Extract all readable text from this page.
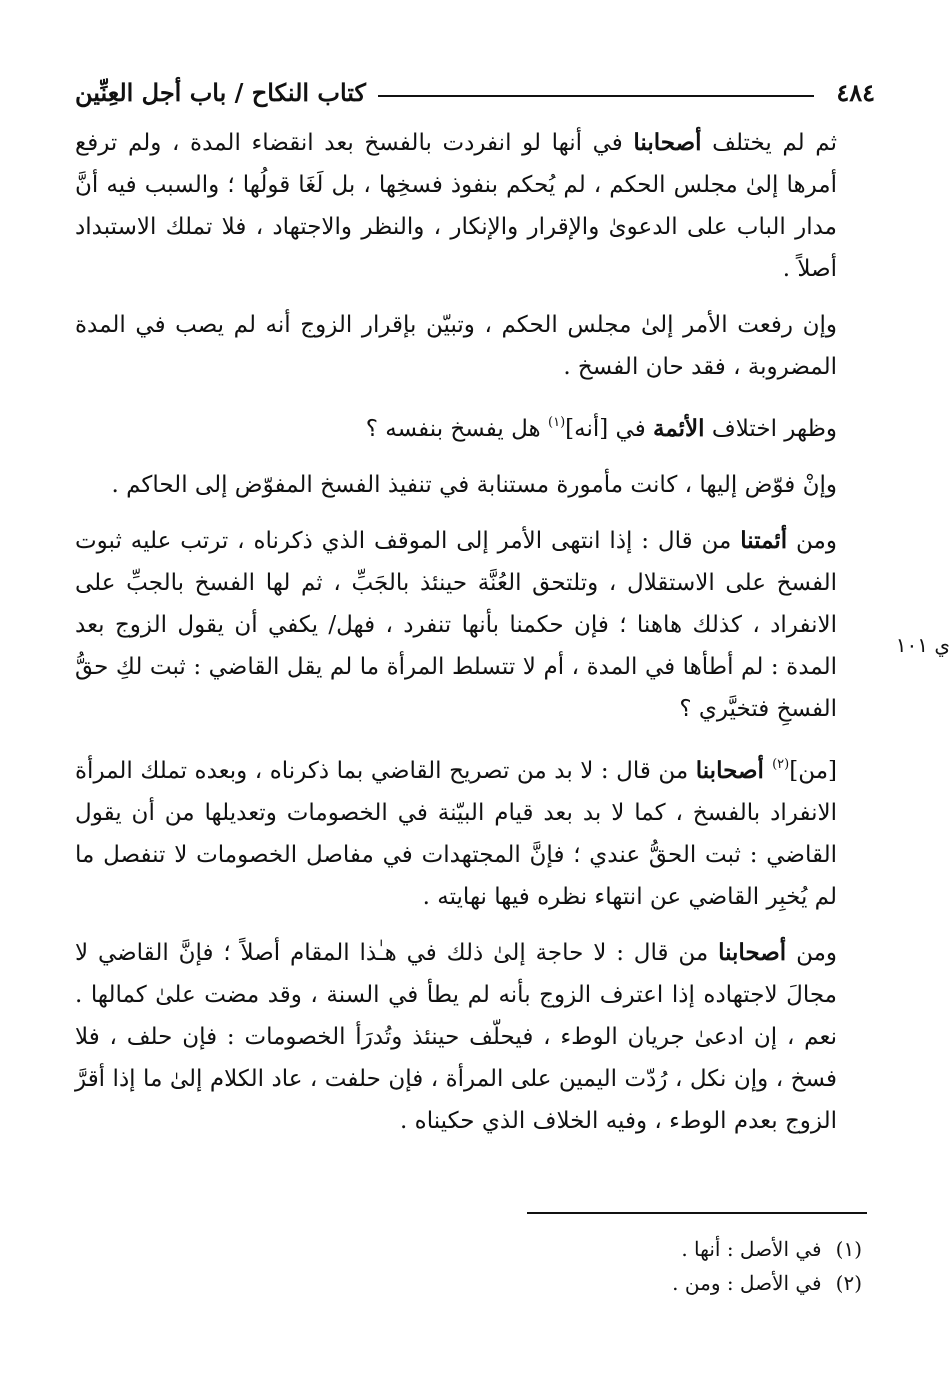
٤٨٤
كتاب النكاح / باب أجل العِنِّين
ي ١٠١

ثم لم يختلف أصحابنا في أنها لو انفردت بالفسخ بعد انقضاء المدة ، ولم ترفع أمرها إلىٰ مجلس الحكم ، لم يُحكم بنفوذ فسخِها ، بل لَغَا قولُها ؛ والسبب فيه أنَّ مدار الباب على الدعوىٰ والإقرار والإنكار ، والنظر والاجتهاد ، فلا تملك الاستبداد أصلاً .

وإن رفعت الأمر إلىٰ مجلس الحكم ، وتبيّن بإقرار الزوج أنه لم يصب في المدة المضروبة ، فقد حان الفسخ .

وظهر اختلاف الأئمة في [أنه]$^{(١)}$ هل يفسخ بنفسه ؟

وإنْ فوّض إليها ، كانت مأمورة مستنابة في تنفيذ الفسخ المفوّض إلى الحاكم .

ومن أئمتنا من قال : إذا انتهى الأمر إلى الموقف الذي ذكرناه ، ترتب عليه ثبوت الفسخ على الاستقلال ، وتلتحق العُنَّة حينئذ بالجَبِّ ، ثم لها الفسخ بالجبِّ على الانفراد ، كذلك هاهنا ؛ فإن حكمنا بأنها تنفرد ، فهل/ يكفي أن يقول الزوج بعد المدة : لم أطأها في المدة ، أم لا تتسلط المرأة ما لم يقل القاضي : ثبت لكِ حقُّ الفسخِ فتخيَّري ؟

[من]$^{(٢)}$ أصحابنا من قال : لا بد من تصريح القاضي بما ذكرناه ، وبعده تملك المرأة الانفراد بالفسخ ، كما لا بد بعد قيام البيّنة في الخصومات وتعديلها من أن يقول القاضي : ثبت الحقُّ عندي ؛ فإنَّ المجتهدات في مفاصل الخصومات لا تنفصل ما لم يُخبِر القاضي عن انتهاء نظره فيها نهايته .

ومن أصحابنا من قال : لا حاجة إلىٰ ذلك في هـٰذا المقام أصلاً ؛ فإنَّ القاضي لا مجالَ لاجتهاده إذا اعترف الزوج بأنه لم يطأ في السنة ، وقد مضت علىٰ كمالها . نعم ، إن ادعىٰ جريان الوطء ، فيحلّف حينئذ وتُدرَأ الخصومات : فإن حلف ، فلا فسخ ، وإن نكل ، رُدّت اليمين على المرأة ، فإن حلفت ، عاد الكلام إلىٰ ما إذا أقرَّ الزوج بعدم الوطء ، وفيه الخلاف الذي حكيناه .

(١)
في الأصل : أنها .
(٢)
في الأصل : ومن .
